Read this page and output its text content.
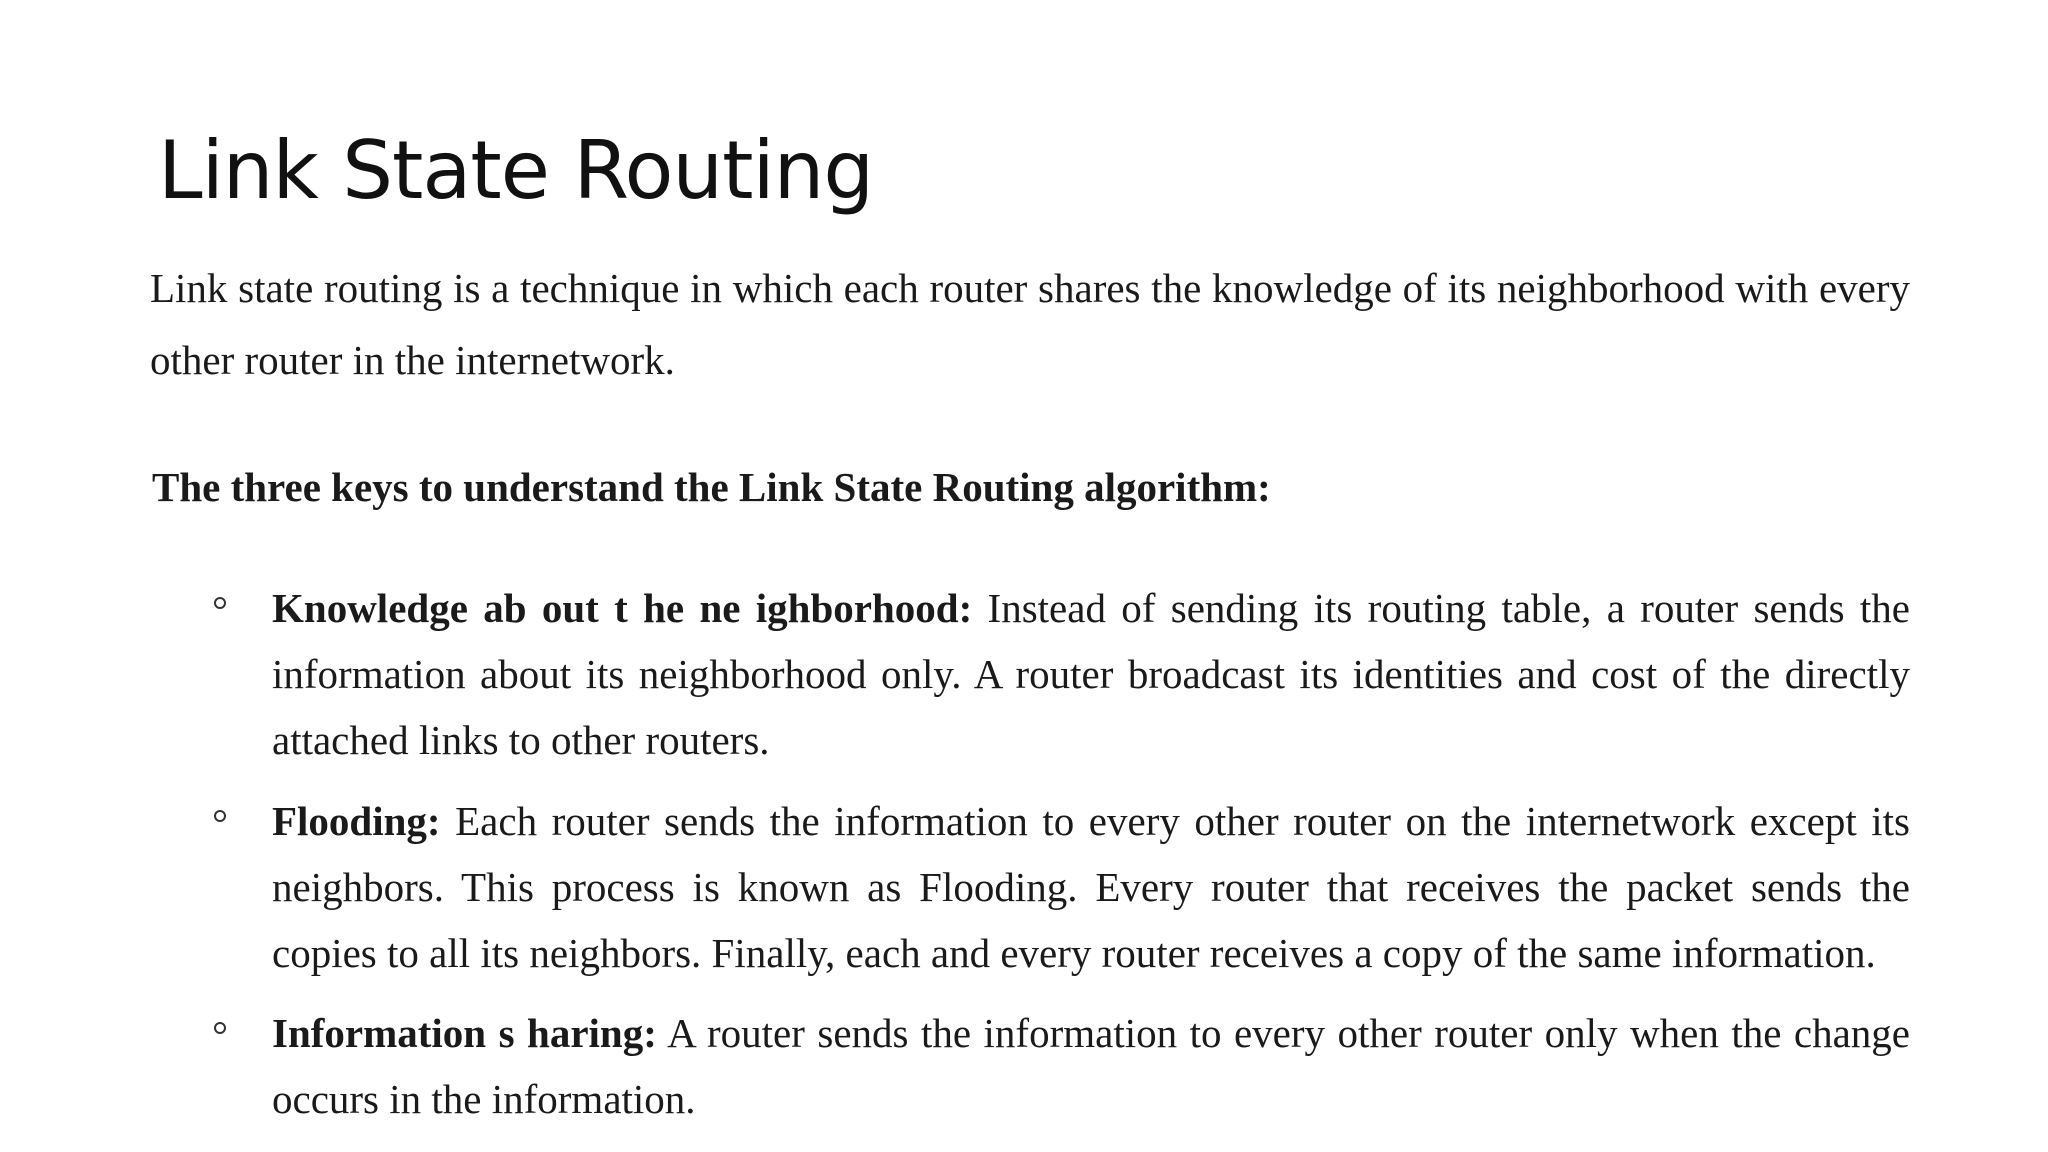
Link State Routing
Link state routing is a technique in which each router shares the knowledge of its neighborhood with every other router in the internetwork.
The three keys to understand the Link State Routing algorithm:
Knowledge ab out t he ne ighborhood: Instead of sending its routing table, a router sends the information about its neighborhood only. A router broadcast its identities and cost of the directly attached links to other routers.
Flooding: Each router sends the information to every other router on the internetwork except its neighbors. This process is known as Flooding. Every router that receives the packet sends the copies to all its neighbors. Finally, each and every router receives a copy of the same information.
Information s haring: A router sends the information to every other router only when the change occurs in the information.
